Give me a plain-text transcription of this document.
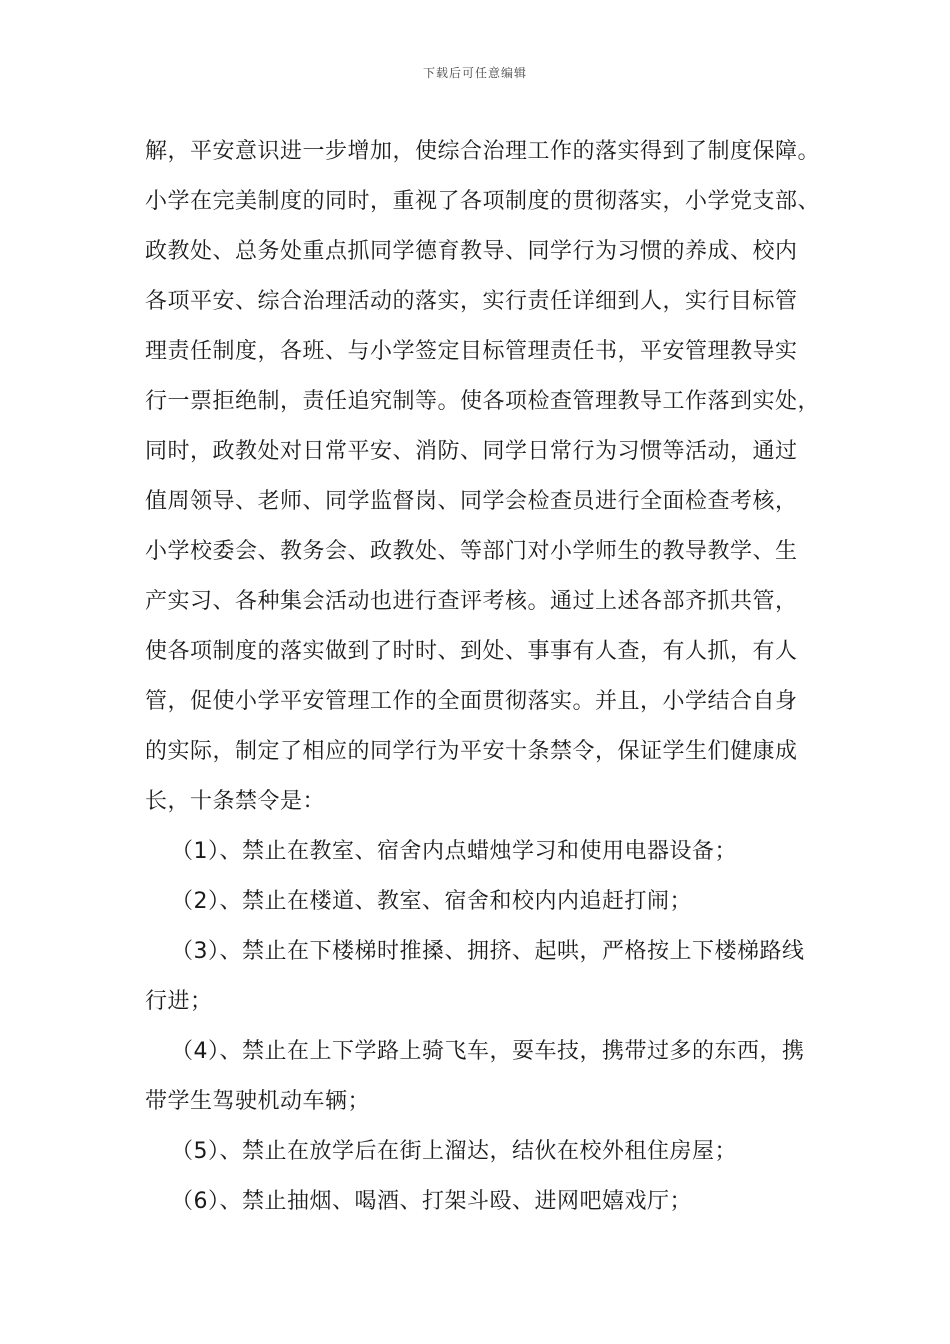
下载后可任意编辑
解，平安意识进一步增加，使综合治理工作的落实得到了制度保障。
小学在完美制度的同时，重视了各项制度的贯彻落实，小学党支部、
政教处、总务处重点抓同学德育教导、同学行为习惯的养成、校内
各项平安、综合治理活动的落实，实行责任详细到人，实行目标管
理责任制度，各班、与小学签定目标管理责任书，平安管理教导实
行一票拒绝制，责任追究制等。使各项检查管理教导工作落到实处，
同时，政教处对日常平安、消防、同学日常行为习惯等活动，通过
值周领导、老师、同学监督岗、同学会检查员进行全面检查考核，
小学校委会、教务会、政教处、等部门对小学师生的教导教学、生
产实习、各种集会活动也进行查评考核。通过上述各部齐抓共管，
使各项制度的落实做到了时时、到处、事事有人查，有人抓，有人
管，促使小学平安管理工作的全面贯彻落实。并且，小学结合自身
的实际，制定了相应的同学行为平安十条禁令，保证学生们健康成
长，十条禁令是：
（1）、禁止在教室、宿舍内点蜡烛学习和使用电器设备；
（2）、禁止在楼道、教室、宿舍和校内内追赶打闹；
（3）、禁止在下楼梯时推搡、拥挤、起哄，严格按上下楼梯路线
行进；
（4）、禁止在上下学路上骑飞车，耍车技，携带过多的东西，携
带学生驾驶机动车辆；
（5）、禁止在放学后在街上溜达，结伙在校外租住房屋；
（6）、禁止抽烟、喝酒、打架斗殴、进网吧嬉戏厅；
